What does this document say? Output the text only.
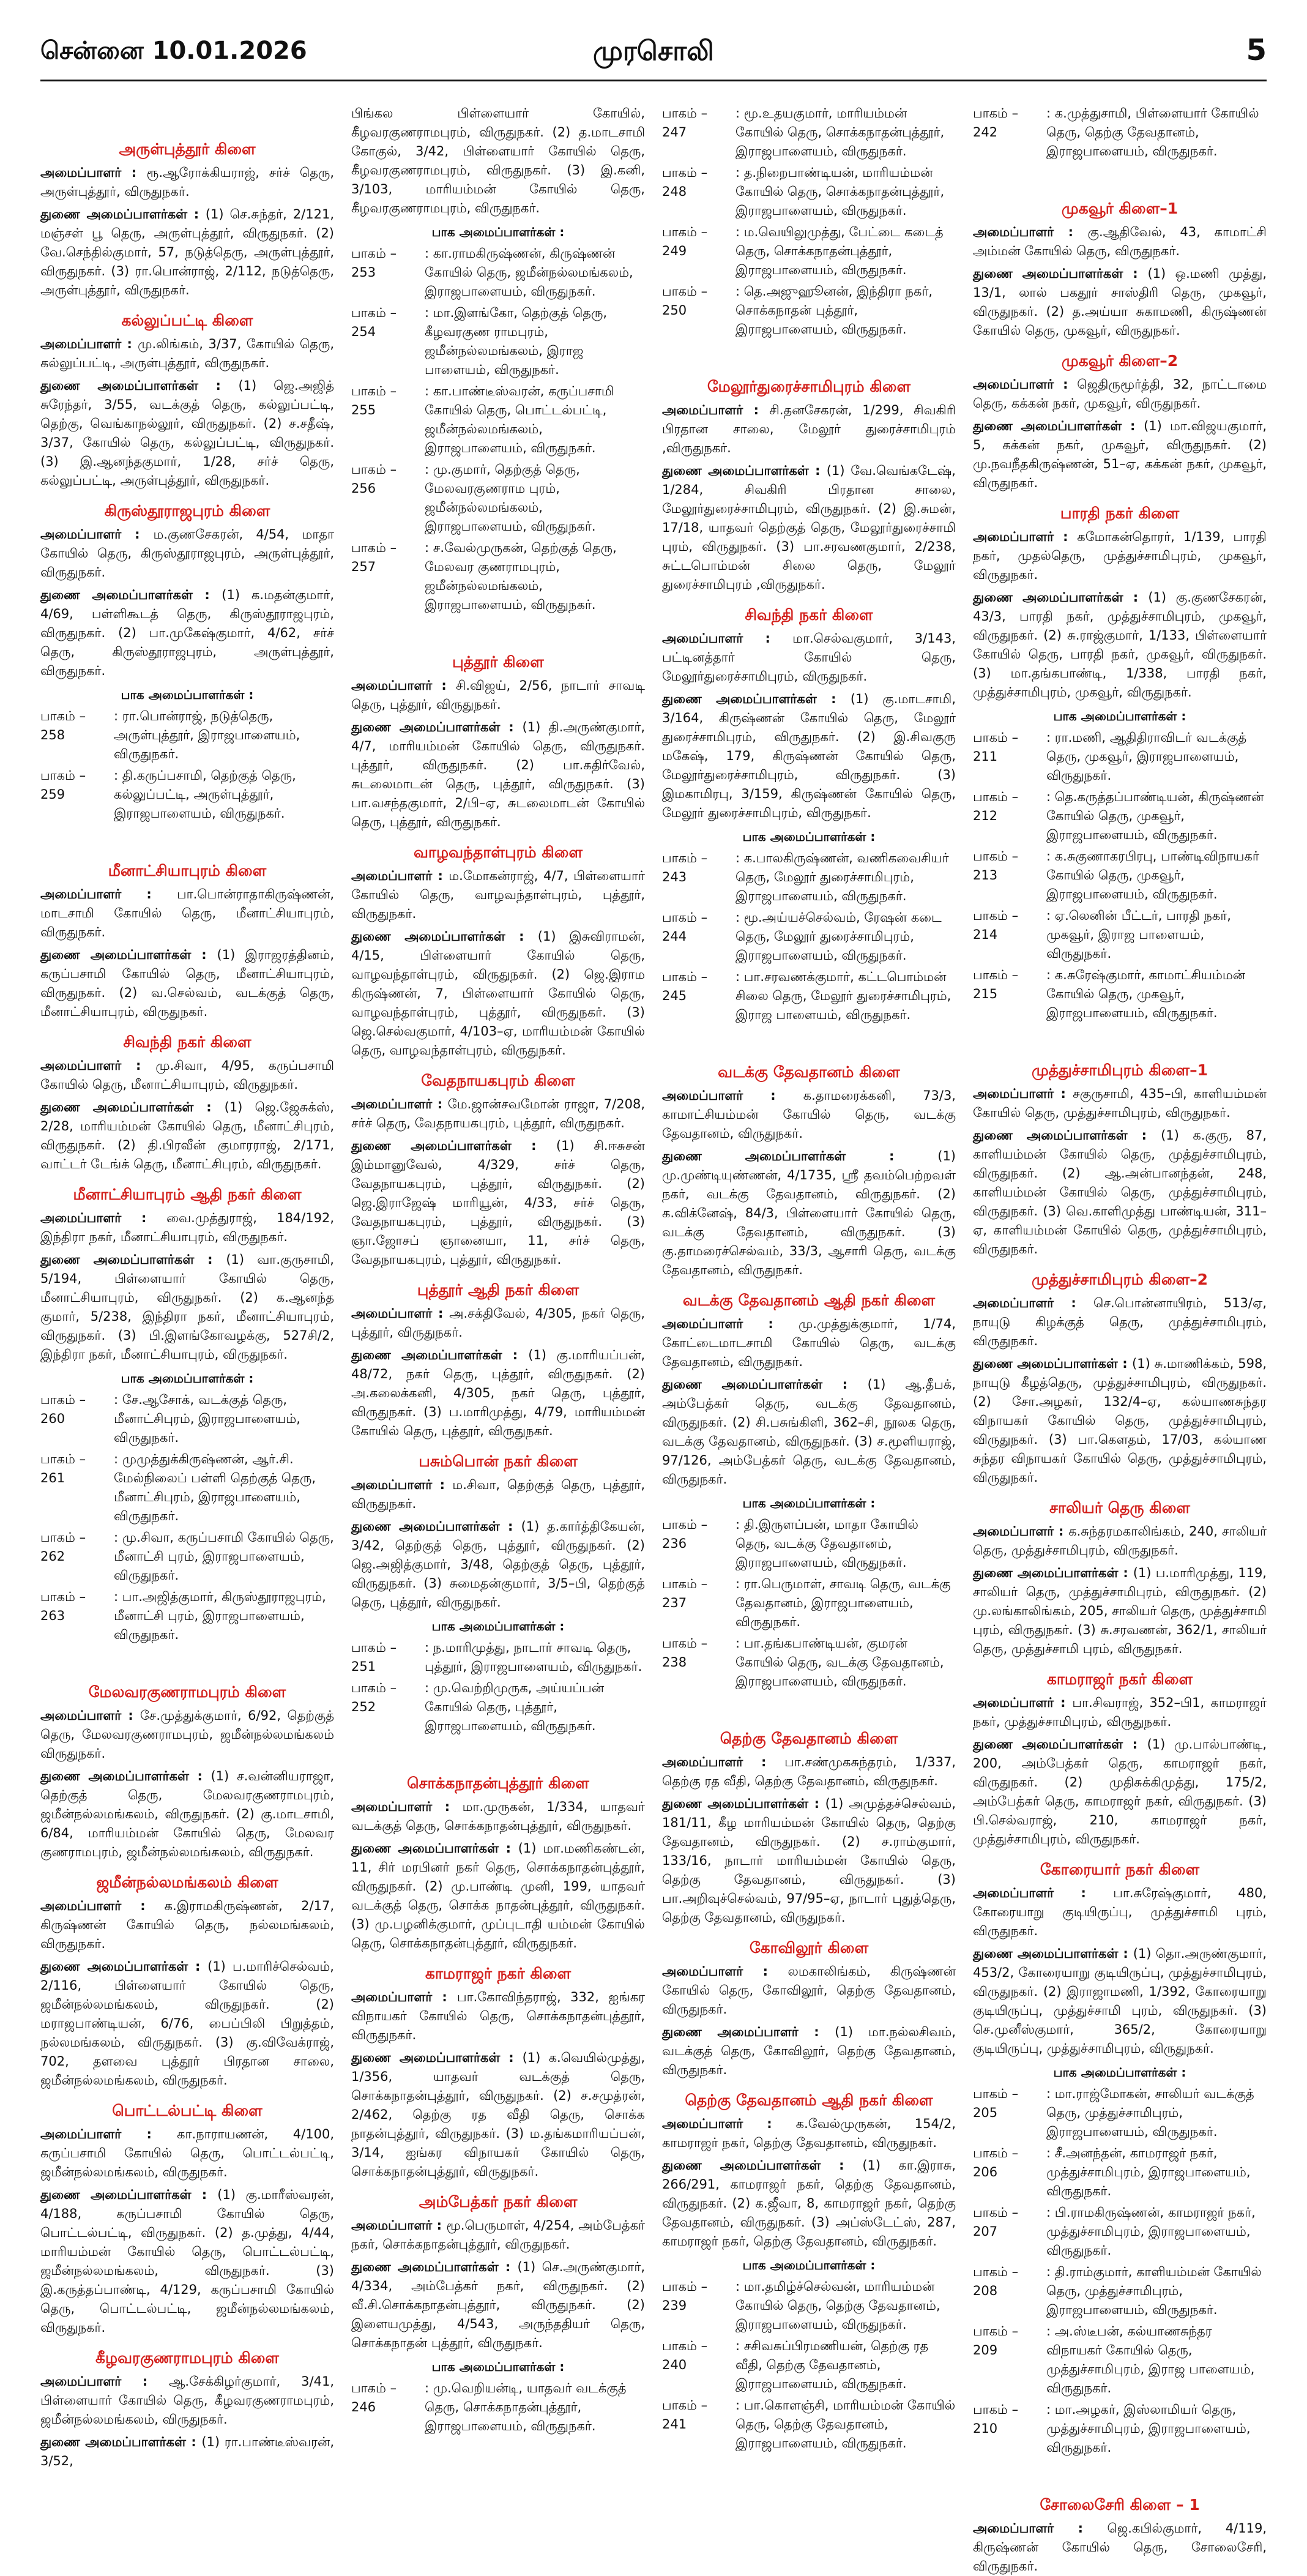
சென்னை 10.01.2026	முரசொலி	5
அருள்புத்தூர் கிளை
அமைப்பாளர் : ரூ.ஆரோக்கியராஜ், சர்ச் தெரு, அருள்புத்தூர், விருதுநகர்.
துணை அமைப்பாளர்கள் : (1) செ.சுந்தர், 2/121, மஞ்சள் பூ தெரு, அருள்புத்தூர், விருதுநகர். (2) வே.செந்தில்குமார், 57, நடுத்தெரு, அருள்புத்தூர், விருதுநகர். (3) ரா.பொன்ராஜ், 2/112, நடுத்தெரு, அருள்புத்தூர், விருதுநகர்.
கல்லுப்பட்டி கிளை
அமைப்பாளர் : மு.லிங்கம், 3/37, கோயில் தெரு, கல்லுப்பட்டி, அருள்புத்தூர், விருதுநகர்.
துணை அமைப்பாளர்கள் : (1) ஜெ.அஜித் சுரேந்தர், 3/55, வடக்குத் தெரு, கல்லுப்பட்டி, தெற்கு, வெங்காநல்லூர், விருதுநகர். (2) ச.சதீஷ், 3/37, கோயில் தெரு, கல்லுப்பட்டி, விருதுநகர். (3) இ.ஆனந்தகுமார், 1/28, சர்ச் தெரு, கல்லுப்பட்டி, அருள்புத்தூர், விருதுநகர்.
கிருஸ்தூராஜபுரம் கிளை
அமைப்பாளர் : ம.குணசேகரன், 4/54, மாதா கோயில் தெரு, கிருஸ்தூராஜபுரம், அருள்புத்தூர், விருதுநகர்.
துணை அமைப்பாளர்கள் : (1) க.மதன்குமார், 4/69, பள்ளிகூடத் தெரு, கிருஸ்தூராஜபுரம், விருதுநகர். (2) பா.முகேஷ்குமார், 4/62, சர்ச் தெரு, கிருஸ்தூராஜபுரம், அருள்புத்தூர், விருதுநகர்.
பாக அமைப்பாளர்கள் :
பாகம் – 258
: ரா.பொன்ராஜ், நடுத்தெரு, அருள்புத்தூர், இராஜபாளையம், விருதுநகர்.
பாகம் – 259
: தி.கருப்பசாமி, தெற்குத் தெரு, கல்லுப்பட்டி, அருள்புத்தூர், இராஜபாளையம், விருதுநகர்.
மீனாட்சியாபுரம் கிளை
அமைப்பாளர் : பா.பொன்ராதாகிருஷ்ணன், மாடசாமி கோயில் தெரு, மீனாட்சியாபுரம், விருதுநகர்.
துணை அமைப்பாளர்கள் : (1) இராஜரத்தினம், கருப்பசாமி கோயில் தெரு, மீனாட்சியாபுரம், விருதுநகர். (2) வ.செல்வம், வடக்குத் தெரு, மீனாட்சியாபுரம், விருதுநகர்.
சிவந்தி நகர் கிளை
அமைப்பாளர் : மு.சிவா, 4/95, கருப்பசாமி கோயில் தெரு, மீனாட்சியாபுரம், விருதுநகர்.
துணை அமைப்பாளர்கள் : (1) ஜெ.ஜேசுக்ஸ், 2/28, மாரியம்மன் கோயில் தெரு, மீனாட்சிபுரம், விருதுநகர். (2) தி.பிரவீன் குமாரராஜ், 2/171, வாட்டர் டேங்க் தெரு, மீனாட்சிபுரம், விருதுநகர்.
மீனாட்சியாபுரம் ஆதி நகர் கிளை
அமைப்பாளர் : வை.முத்துராஜ், 184/192, இந்திரா நகர், மீனாட்சியாபுரம், விருதுநகர்.
துணை அமைப்பாளர்கள் : (1) வா.குருசாமி, 5/194, பிள்ளையார் கோயில் தெரு, மீனாட்சியாபுரம், விருதுநகர். (2) க.ஆனந்த குமார், 5/238, இந்திரா நகர், மீனாட்சியாபுரம், விருதுநகர். (3) பி.இளங்கோவழக்கு, 527சி/2, இந்திரா நகர், மீனாட்சியாபுரம், விருதுநகர்.
பாக அமைப்பாளர்கள் :
பாகம் – 260
: சே.ஆசோக், வடக்குத் தெரு, மீனாட்சிபுரம், இராஜபாளையம், விருதுநகர்.
பாகம் – 261
: முமுத்துக்கிருஷ்ணன், ஆர்.சி. மேல்நிலைப் பள்ளி தெற்குத் தெரு, மீனாட்சிபுரம், இராஜபாளையம், விருதுநகர்.
பாகம் – 262
: மு.சிவா, கருப்பசாமி கோயில் தெரு, மீனாட்சி புரம், இராஜபாளையம், விருதுநகர்.
பாகம் – 263
: பா.அஜித்குமார், கிருஸ்தூராஜபுரம், மீனாட்சி புரம், இராஜபாளையம், விருதுநகர்.
மேலவரகுணராமபுரம் கிளை
அமைப்பாளர் : சே.முத்துக்குமார், 6/92, தெற்குத் தெரு, மேலவரகுணராமபுரம், ஜமீன்நல்லமங்கலம் விருதுநகர்.
துணை அமைப்பாளர்கள் : (1) ச.வன்னியராஜா, தெற்குத் தெரு, மேலவரகுணராமபுரம், ஜமீன்நல்லமங்கலம், விருதுநகர். (2) கு.மாடசாமி, 6/84, மாரியம்மன் கோயில் தெரு, மேலவர குணராமபுரம், ஜமீன்நல்லமங்கலம், விருதுநகர்.
ஜமீன்நல்லமங்கலம் கிளை
அமைப்பாளர் : க.இராமகிருஷ்ணன், 2/17, கிருஷ்ணன் கோயில் தெரு, நல்லமங்கலம், விருதுநகர்.
துணை அமைப்பாளர்கள் : (1) ப.மாரிச்செல்வம், 2/116, பிள்ளையார் கோயில் தெரு, ஜமீன்நல்லமங்கலம், விருதுநகர். (2) மராஜபாண்டியன், 6/76, பைப்பிலி பிறுத்தம், நல்லமங்கலம், விருதுநகர். (3) கு.விவேக்ராஜ், 702, தளவை புத்தூர் பிரதான சாலை, ஜமீன்நல்லமங்கலம், விருதுநகர்.
பொட்டல்பட்டி கிளை
அமைப்பாளர் : கா.நாராயணன், 4/100, கருப்பசாமி கோயில் தெரு, பொட்டல்பட்டி, ஜமீன்நல்லமங்கலம், விருதுநகர்.
துணை அமைப்பாளர்கள் : (1) கு.மாரீஸ்வரன், 4/188, கருப்பசாமி கோயில் தெரு, பொட்டல்பட்டி, விருதுநகர். (2) த.முத்து, 4/44, மாரியம்மன் கோயில் தெரு, பொட்டல்பட்டி, ஜமீன்நல்லமங்கலம், விருதுநகர். (3) இ.கருத்தப்பாண்டி, 4/129, கருப்பசாமி கோயில் தெரு, பொட்டல்பட்டி, ஜமீன்நல்லமங்கலம், விருதுநகர்.
கீழவரகுணராமபுரம் கிளை
அமைப்பாளர் : ஆ.சேக்கிழர்குமார், 3/41, பிள்ளையார் கோயில் தெரு, கீழவரகுணராமபுரம், ஜமீன்நல்லமங்கலம், விருதுநகர்.
துணை அமைப்பாளர்கள் : (1) ரா.பாண்டீஸ்வரன், 3/52,
பிங்கல பிள்ளையார் கோயில், கீழவரகுணராமபுரம், விருதுநகர். (2) த.மாடசாமி கோகுல், 3/42, பிள்ளையார் கோயில் தெரு, கீழவரகுணராமபுரம், விருதுநகர். (3) இ.கனி, 3/103, மாரியம்மன் கோயில் தெரு, கீழவரகுணராமபுரம், விருதுநகர்.
பாக அமைப்பாளர்கள் :
பாகம் – 253
: கா.ராமகிருஷ்ணன், கிருஷ்ணன் கோயில் தெரு, ஜமீன்நல்லமங்கலம், இராஜபாளையம், விருதுநகர்.
பாகம் – 254
: மா.இளங்கோ, தெற்குத் தெரு, கீழவரகுண ராமபுரம், ஜமீன்நல்லமங்கலம், இராஜ பாளையம், விருதுநகர்.
பாகம் – 255
: கா.பாண்டீஸ்வரன், கருப்பசாமி கோயில் தெரு, பொட்டல்பட்டி, ஜமீன்நல்லமங்கலம், இராஜபாளையம், விருதுநகர்.
பாகம் – 256
: மு.குமார், தெற்குத் தெரு, மேலவரகுணராம புரம், ஜமீன்நல்லமங்கலம், இராஜபாளையம், விருதுநகர்.
பாகம் – 257
: ச.வேல்முருகன், தெற்குத் தெரு, மேலவர குணராமபுரம், ஜமீன்நல்லமங்கலம், இராஜபாளையம், விருதுநகர்.
புத்தூர் கிளை
அமைப்பாளர் : சி.விஜய், 2/56, நாடார் சாவடி தெரு, புத்தூர், விருதுநகர்.
துணை அமைப்பாளர்கள் : (1) தி.அருண்குமார், 4/7, மாரியம்மன் கோயில் தெரு, விருதுநகர். புத்தூர், விருதுநகர். (2) பா.கதிர்வேல், சுடலைமாடன் தெரு, புத்தூர், விருதுநகர். (3) பா.வசந்தகுமார், 2/பி–ஏ, சுடலைமாடன் கோயில் தெரு, புத்தூர், விருதுநகர்.
வாழவந்தாள்புரம் கிளை
அமைப்பாளர் : ம.மோகன்ராஜ், 4/7, பிள்ளையார் கோயில் தெரு, வாழவந்தாள்புரம், புத்தூர், விருதுநகர்.
துணை அமைப்பாளர்கள் : (1) இசுவிராமன், 4/15, பிள்ளையார் கோயில் தெரு, வாழவந்தாள்புரம், விருதுநகர். (2) ஜெ.இராம கிருஷ்ணன், 7, பிள்ளையார் கோயில் தெரு, வாழவந்தாள்புரம், புத்தூர், விருதுநகர். (3) ஜெ.செல்வகுமார், 4/103–ஏ, மாரியம்மன் கோயில் தெரு, வாழவந்தாள்புரம், விருதுநகர்.
வேதநாயகபுரம் கிளை
அமைப்பாளர் : மே.ஜான்சவமோன் ராஜா, 7/208, சர்ச் தெரு, வேதநாயகபுரம், புத்தூர், விருதுநகர்.
துணை அமைப்பாளர்கள் : (1) சி.ஈசுசன் இம்மானுவேல், 4/329, சர்ச் தெரு, வேதநாயகபுரம், புத்தூர், விருதுநகர். (2) ஜெ.இராஜேஷ் மாரியூன், 4/33, சர்ச் தெரு, வேதநாயகபுரம், புத்தூர், விருதுநகர். (3) ஞா.ஜோசப் ஞானையா, 11, சர்ச் தெரு, வேதநாயகபுரம், புத்தூர், விருதுநகர்.
புத்தூர் ஆதி நகர் கிளை
அமைப்பாளர் : அ.சக்திவேல், 4/305, நகர் தெரு, புத்தூர், விருதுநகர்.
துணை அமைப்பாளர்கள் : (1) கு.மாரியப்பன், 48/72, நகர் தெரு, புத்தூர், விருதுநகர். (2) அ.கலைக்கனி, 4/305, நகர் தெரு, புத்தூர், விருதுநகர். (3) ப.மாரிமுத்து, 4/79, மாரியம்மன் கோயில் தெரு, புத்தூர், விருதுநகர்.
பசும்பொன் நகர் கிளை
அமைப்பாளர் : ம.சிவா, தெற்குத் தெரு, புத்தூர், விருதுநகர்.
துணை அமைப்பாளர்கள் : (1) த.கார்த்திகேயன், 3/42, தெற்குத் தெரு, புத்தூர், விருதுநகர். (2) ஜெ.அஜித்குமார், 3/48, தெற்குத் தெரு, புத்தூர், விருதுநகர். (3) சுமைதன்குமார், 3/5–பி, தெற்குத் தெரு, புத்தூர், விருதுநகர்.
பாக அமைப்பாளர்கள் :
பாகம் – 251
: ந.மாரிமுத்து, நாடார் சாவடி தெரு, புத்தூர், இராஜபாளையம், விருதுநகர்.
பாகம் – 252
: மு.வெற்றிமுருக, அய்யப்பன் கோயில் தெரு, புத்தூர், இராஜபாளையம், விருதுநகர்.
சொக்கநாதன்புத்தூர் கிளை
அமைப்பாளர் : மா.முருகன், 1/334, யாதவர் வடக்குத் தெரு, சொக்கநாதன்புத்தூர், விருதுநகர்.
துணை அமைப்பாளர்கள் : (1) மா.மணிகண்டன், 11, சிர் மரபினர் நகர் தெரு, சொக்கநாதன்புத்தூர், விருதுநகர். (2) மு.பாண்டி முனி, 199, யாதவர் வடக்குத் தெரு, சொக்க நாதன்புத்தூர், விருதுநகர். (3) மு.பழனிக்குமார், முப்புடாதி யம்மன் கோயில் தெரு, சொக்கநாதன்புத்தூர், விருதுநகர்.
காமராஜர் நகர் கிளை
அமைப்பாளர் : பா.கோவிந்தராஜ், 332, ஐங்கர விநாயகர் கோயில் தெரு, சொக்கநாதன்புத்தூர், விருதுநகர்.
துணை அமைப்பாளர்கள் : (1) க.வெயில்முத்து, 1/356, யாதவர் வடக்குத் தெரு, சொக்கநாதன்புத்தூர், விருதுநகர். (2) ச.சமுத்ரன், 2/462, தெற்கு ரத வீதி தெரு, சொக்க நாதன்புத்தூர், விருதுநகர். (3) ம.தங்கமாரியப்பன், 3/14, ஐங்கர விநாயகர் கோயில் தெரு, சொக்கநாதன்புத்தூர், விருதுநகர்.
அம்பேத்கர் நகர் கிளை
அமைப்பாளர் : மூ.பெருமாள், 4/254, அம்பேத்கர் நகர், சொக்கநாதன்புத்தூர், விருதுநகர்.
துணை அமைப்பாளர்கள் : (1) செ.அருண்குமார், 4/334, அம்பேத்கர் நகர், விருதுநகர். (2) வீ.சி.சொக்கநாதன்புத்தூர், விருதுநகர். (2) இளையமுத்து, 4/543, அருந்ததியர் தெரு, சொக்கநாதன் புத்தூர், விருதுநகர்.
பாக அமைப்பாளர்கள் :
பாகம் – 246
: மு.வெறியன்டி, யாதவர் வடக்குத் தெரு, சொக்கநாதன்புத்தூர், இராஜபாளையம், விருதுநகர்.
பாகம் – 247
: மூ.உதயகுமார், மாரியம்மன் கோயில் தெரு, சொக்கநாதன்புத்தூர், இராஜபாளையம், விருதுநகர்.
பாகம் – 248
: த.நிறைபாண்டியன், மாரியம்மன் கோயில் தெரு, சொக்கநாதன்புத்தூர், இராஜபாளையம், விருதுநகர்.
பாகம் – 249
: ம.வெயிலுமுத்து, பேட்டை கடைத் தெரு, சொக்கநாதன்புத்தூர், இராஜபாளையம், விருதுநகர்.
பாகம் – 250
: தெ.அஜுஹூனன், இந்திரா நகர், சொக்கநாதன் புத்தூர், இராஜபாளையம், விருதுநகர்.
மேலூர்துரைச்சாமிபுரம் கிளை
அமைப்பாளர் : சி.தனசேகரன், 1/299, சிவகிரி பிரதான சாலை, மேலூர் துரைச்சாமிபுரம் ,விருதுநகர்.
துணை அமைப்பாளர்கள் : (1) வே.வெங்கடேஷ், 1/284, சிவகிரி பிரதான சாலை, மேலூர்துரைச்சாமிபுரம், விருதுநகர். (2) இ.சுமன், 17/18, யாதவர் தெற்குத் தெரு, மேலூர்துரைச்சாமி புரம், விருதுநகர். (3) பா.சரவணகுமார், 2/238, சுட்டபொம்மன் சிலை தெரு, மேலூர் துரைச்சாமிபுரம் ,விருதுநகர்.
சிவந்தி நகர் கிளை
அமைப்பாளர் : மா.செல்வகுமார், 3/143, பட்டினத்தார் கோயில் தெரு, மேலூர்துரைச்சாமிபுரம், விருதுநகர்.
துணை அமைப்பாளர்கள் : (1) கு.மாடசாமி, 3/164, கிருஷ்ணன் கோயில் தெரு, மேலூர் துரைச்சாமிபுரம், விருதுநகர். (2) இ.சிவகுரு மகேஷ், 179, கிருஷ்ணன் கோயில் தெரு, மேலூர்துரைச்சாமிபுரம், விருதுநகர். (3) இமகாமிரபு, 3/159, கிருஷ்ணன் கோயில் தெரு, மேலூர் துரைச்சாமிபுரம், விருதுநகர்.
பாக அமைப்பாளர்கள் :
பாகம் – 243
: க.பாலகிருஷ்ணன், வணிகவைசியர் தெரு, மேலூர் துரைச்சாமிபுரம், இராஜபாளையம், விருதுநகர்.
பாகம் – 244
: மூ.அய்யச்செல்வம், ரேஷன் கடை தெரு, மேலூர் துரைச்சாமிபுரம், இராஜபாளையம், விருதுநகர்.
பாகம் – 245
: பா.சரவணக்குமார், கட்டபொம்மன் சிலை தெரு, மேலூர் துரைச்சாமிபுரம், இராஜ பாளையம், விருதுநகர்.
வடக்கு தேவதானம் கிளை
அமைப்பாளர் : க.தாமரைக்கனி, 73/3, காமாட்சியம்மன் கோயில் தெரு, வடக்கு தேவதானம், விருதுநகர்.
துணை அமைப்பாளர்கள் : (1) மு.முண்டியுண்ணன், 4/1735, ஸ்ரீ தவம்பெற்றவள் நகர், வடக்கு தேவதானம், விருதுநகர். (2) க.விக்னேஷ், 84/3, பிள்ளையார் கோயில் தெரு, வடக்கு தேவதானம், விருதுநகர். (3) கு.தாமரைச்செல்வம், 33/3, ஆசாரி தெரு, வடக்கு தேவதானம், விருதுநகர்.
வடக்கு தேவதானம் ஆதி நகர் கிளை
அமைப்பாளர் : மு.முத்துக்குமார், 1/74, கோட்டைமாடசாமி கோயில் தெரு, வடக்கு தேவதானம், விருதுநகர்.
துணை அமைப்பாளர்கள் : (1) ஆ.தீபக், அம்பேத்கர் தெரு, வடக்கு தேவதானம், விருதுநகர். (2) சி.பசுங்கிளி, 362–சி, நூலக தெரு, வடக்கு தேவதானம், விருதுநகர். (3) ச.மூளியராஜ், 97/126, அம்பேத்கர் தெரு, வடக்கு தேவதானம், விருதுநகர்.
பாக அமைப்பாளர்கள் :
பாகம் – 236
: தி.இருளப்பன், மாதா கோயில் தெரு, வடக்கு தேவதானம், இராஜபாளையம், விருதுநகர்.
பாகம் – 237
: ரா.பெருமாள், சாவடி தெரு, வடக்கு தேவதானம், இராஜபாளையம், விருதுநகர்.
பாகம் – 238
: பா.தங்கபாண்டியன், குமரன் கோயில் தெரு, வடக்கு தேவதானம், இராஜபாளையம், விருதுநகர்.
தெற்கு தேவதானம் கிளை
அமைப்பாளர் : பா.சண்முகசுந்தரம், 1/337, தெற்கு ரத வீதி, தெற்கு தேவதானம், விருதுநகர்.
துணை அமைப்பாளர்கள் : (1) அமுத்தச்செல்வம், 181/11, கீழ மாரியம்மன் கோயில் தெரு, தெற்கு தேவதானம், விருதுநகர். (2) ச.ராம்குமார், 133/16, நாடார் மாரியம்மன் கோயில் தெரு, தெற்கு தேவதானம், விருதுநகர். (3) பா.அறிவுச்செல்வம், 97/95–ஏ, நாடார் புதுத்தெரு, தெற்கு தேவதானம், விருதுநகர்.
கோவிலூர் கிளை
அமைப்பாளர் : லமகாலிங்கம், கிருஷ்ணன் கோயில் தெரு, கோவிலூர், தெற்கு தேவதானம், விருதுநகர்.
துணை அமைப்பாளர் : (1) மா.நல்லசிவம், வடக்குத் தெரு, கோவிலூர், தெற்கு தேவதானம், விருதுநகர்.
தெற்கு தேவதானம் ஆதி நகர் கிளை
அமைப்பாளர் : க.வேல்முருகன், 154/2, காமராஜர் நகர், தெற்கு தேவதானம், விருதுநகர்.
துணை அமைப்பாளர்கள் : (1) கா.இராசு, 266/291, காமராஜர் நகர், தெற்கு தேவதானம், விருதுநகர். (2) க.ஜீவா, 8, காமராஜர் நகர், தெற்கு தேவதானம், விருதுநகர். (3) அப்ஸ்டேட்ஸ், 287, காமராஜர் நகர், தெற்கு தேவதானம், விருதுநகர்.
பாக அமைப்பாளர்கள் :
பாகம் – 239
: மா.தமிழ்ச்செல்வன், மாரியம்மன் கோயில் தெரு, தெற்கு தேவதானம், இராஜபாளையம், விருதுநகர்.
பாகம் – 240
: சசிவசுப்பிரமணியன், தெற்கு ரத வீதி, தெற்கு தேவதானம், இராஜபாளையம், விருதுநகர்.
பாகம் – 241
: பா.கொளஞ்சி, மாரியம்மன் கோயில் தெரு, தெற்கு தேவதானம், இராஜபாளையம், விருதுநகர்.
பாகம் – 242
: க.முத்துசாமி, பிள்ளையார் கோயில் தெரு, தெற்கு தேவதானம், இராஜபாளையம், விருதுநகர்.
முகவூர் கிளை–1
அமைப்பாளர் : கு.ஆதிவேல், 43, காமாட்சி அம்மன் கோயில் தெரு, விருதுநகர்.
துணை அமைப்பாளர்கள் : (1) ஒ.மணி முத்து, 13/1, லால் பகதூர் சாஸ்திரி தெரு, முகவூர், விருதுநகர். (2) த.அய்யா சுகாமணி, கிருஷ்ணன் கோயில் தெரு, முகவூர், விருதுநகர்.
முகவூர் கிளை–2
அமைப்பாளர் : ஜெதிருமூர்த்தி, 32, நாட்டாமை தெரு, கக்கன் நகர், முகவூர், விருதுநகர்.
துணை அமைப்பாளர்கள் : (1) மா.விஜயகுமார், 5, கக்கன் நகர், முகவூர், விருதுநகர். (2) மு.நவநீதகிருஷ்ணன், 51–ஏ, கக்கன் நகர், முகவூர், விருதுநகர்.
பாரதி நகர் கிளை
அமைப்பாளர் : கமோகன்தொரர், 1/139, பாரதி நகர், முதல்தெரு, முத்துச்சாமிபுரம், முகவூர், விருதுநகர்.
துணை அமைப்பாளர்கள் : (1) கு.குணசேகரன், 43/3, பாரதி நகர், முத்துச்சாமிபுரம், முகவூர், விருதுநகர். (2) சு.ராஜ்குமார், 1/133, பிள்ளையார் கோயில் தெரு, பாரதி நகர், முகவூர், விருதுநகர். (3) மா.தங்கபாண்டி, 1/338, பாரதி நகர், முத்துச்சாமிபுரம், முகவூர், விருதுநகர்.
பாக அமைப்பாளர்கள் :
பாகம் – 211
: ரா.மணி, ஆதிதிராவிடர் வடக்குத் தெரு, முகவூர், இராஜபாளையம், விருதுநகர்.
பாகம் – 212
: தெ.கருத்தப்பாண்டியன், கிருஷ்ணன் கோயில் தெரு, முகவூர், இராஜபாளையம், விருதுநகர்.
பாகம் – 213
: க.சுகுணாகரபிரபு, பாண்டிவிநாயகர் கோயில் தெரு, முகவூர், இராஜபாளையம், விருதுநகர்.
பாகம் – 214
: ஏ.லெனின் பீட்டர், பாரதி நகர், முகவூர், இராஜ பாளையம், விருதுநகர்.
பாகம் – 215
: க.சுரேஷ்குமார், காமாட்சியம்மன் கோயில் தெரு, முகவூர், இராஜபாளையம், விருதுநகர்.
முத்துச்சாமிபுரம் கிளை–1
அமைப்பாளர் : சகுருசாமி, 435–பி, காளியம்மன் கோயில் தெரு, முத்துச்சாமிபுரம், விருதுநகர்.
துணை அமைப்பாளர்கள் : (1) க.குரு, 87, காளியம்மன் கோயில் தெரு, முத்துச்சாமிபுரம், விருதுநகர். (2) ஆ.அன்பானந்தன், 248, காளியம்மன் கோயில் தெரு, முத்துச்சாமிபுரம், விருதுநகர். (3) வெ.காளிமுத்து பாண்டியன், 311–ஏ, காளியம்மன் கோயில் தெரு, முத்துச்சாமிபுரம், விருதுநகர்.
முத்துச்சாமிபுரம் கிளை–2
அமைப்பாளர் : செ.பொன்னாயிரம், 513/ஏ, நாயுடு கிழக்குத் தெரு, முத்துச்சாமிபுரம், விருதுநகர்.
துணை அமைப்பாளர்கள் : (1) சு.மாணிக்கம், 598, நாயுடு கீழத்தெரு, முத்துச்சாமிபுரம், விருதுநகர். (2) சோ.அழகர், 132/4–ஏ, கல்யாணசுந்தர விநாயகர் கோயில் தெரு, முத்துச்சாமிபுரம், விருதுநகர். (3) பா.கௌதம், 17/03, கல்யாண சுந்தர விநாயகர் கோயில் தெரு, முத்துச்சாமிபுரம், விருதுநகர்.
சாலியர் தெரு கிளை
அமைப்பாளர் : க.சுந்தரமகாலிங்கம், 240, சாலியர் தெரு, முத்துச்சாமிபுரம், விருதுநகர்.
துணை அமைப்பாளர்கள் : (1) ப.மாரிமுத்து, 119, சாலியர் தெரு, முத்துச்சாமிபுரம், விருதுநகர். (2) மு.லங்காலிங்கம், 205, சாலியர் தெரு, முத்துச்சாமி புரம், விருதுநகர். (3) சு.சரவணன், 362/1, சாலியர் தெரு, முத்துச்சாமி புரம், விருதுநகர்.
காமராஜர் நகர் கிளை
அமைப்பாளர் : பா.சிவராஜ், 352–பி1, காமராஜர் நகர், முத்துச்சாமிபுரம், விருதுநகர்.
துணை அமைப்பாளர்கள் : (1) மு.பால்பாண்டி, 200, அம்பேத்கர் தெரு, காமராஜர் நகர், விருதுநகர். (2) முதிசுக்கிமுத்து, 175/2, அம்பேத்கர் தெரு, காமராஜர் நகர், விருதுநகர். (3) பி.செல்வராஜ், 210, காமராஜர் நகர், முத்துச்சாமிபுரம், விருதுநகர்.
கோரையார் நகர் கிளை
அமைப்பாளர் : பா.சுரேஷ்குமார், 480, கோரையாறு குடியிருப்பு, முத்துச்சாமி புரம், விருதுநகர்.
துணை அமைப்பாளர்கள் : (1) தொ.அருண்குமார், 453/2, கோரையாறு குடியிருப்பு, முத்துச்சாமிபுரம், விருதுநகர். (2) இராஜாமணி, 1/392, கோரையாறு குடியிருப்பு, முத்துச்சாமி புரம், விருதுநகர். (3) செ.முனீஸ்குமார், 365/2, கோரையாறு குடியிருப்பு, முத்துச்சாமிபுரம், விருதுநகர்.
பாக அமைப்பாளர்கள் :
பாகம் – 205
: மா.ராஜ்மோகன், சாலியர் வடக்குத் தெரு, முத்துச்சாமிபுரம், இராஜபாளையம், விருதுநகர்.
பாகம் – 206
: சீ.அனந்தன், காமராஜர் நகர், முத்துச்சாமிபுரம், இராஜபாளையம், விருதுநகர்.
பாகம் – 207
: பி.ராமகிருஷ்ணன், காமராஜர் நகர், முத்துச்சாமிபுரம், இராஜபாளையம், விருதுநகர்.
பாகம் – 208
: தி.ராம்குமார், காளியம்மன் கோயில் தெரு, முத்துச்சாமிபுரம், இராஜபாளையம், விருதுநகர்.
பாகம் – 209
: அ.ஸ்டீபன், கல்யாணசுந்தர விநாயகர் கோயில் தெரு, முத்துச்சாமிபுரம், இராஜ பாளையம், விருதுநகர்.
பாகம் – 210
: மா.அழகர், இஸ்லாமியர் தெரு, முத்துச்சாமிபுரம், இராஜபாளையம், விருதுநகர்.
சோலைசேரி கிளை – 1
அமைப்பாளர் : ஜெ.கபில்குமார், 4/119, கிருஷ்ணன் கோயில் தெரு, சோலைசேரி, விருதுநகர்.
